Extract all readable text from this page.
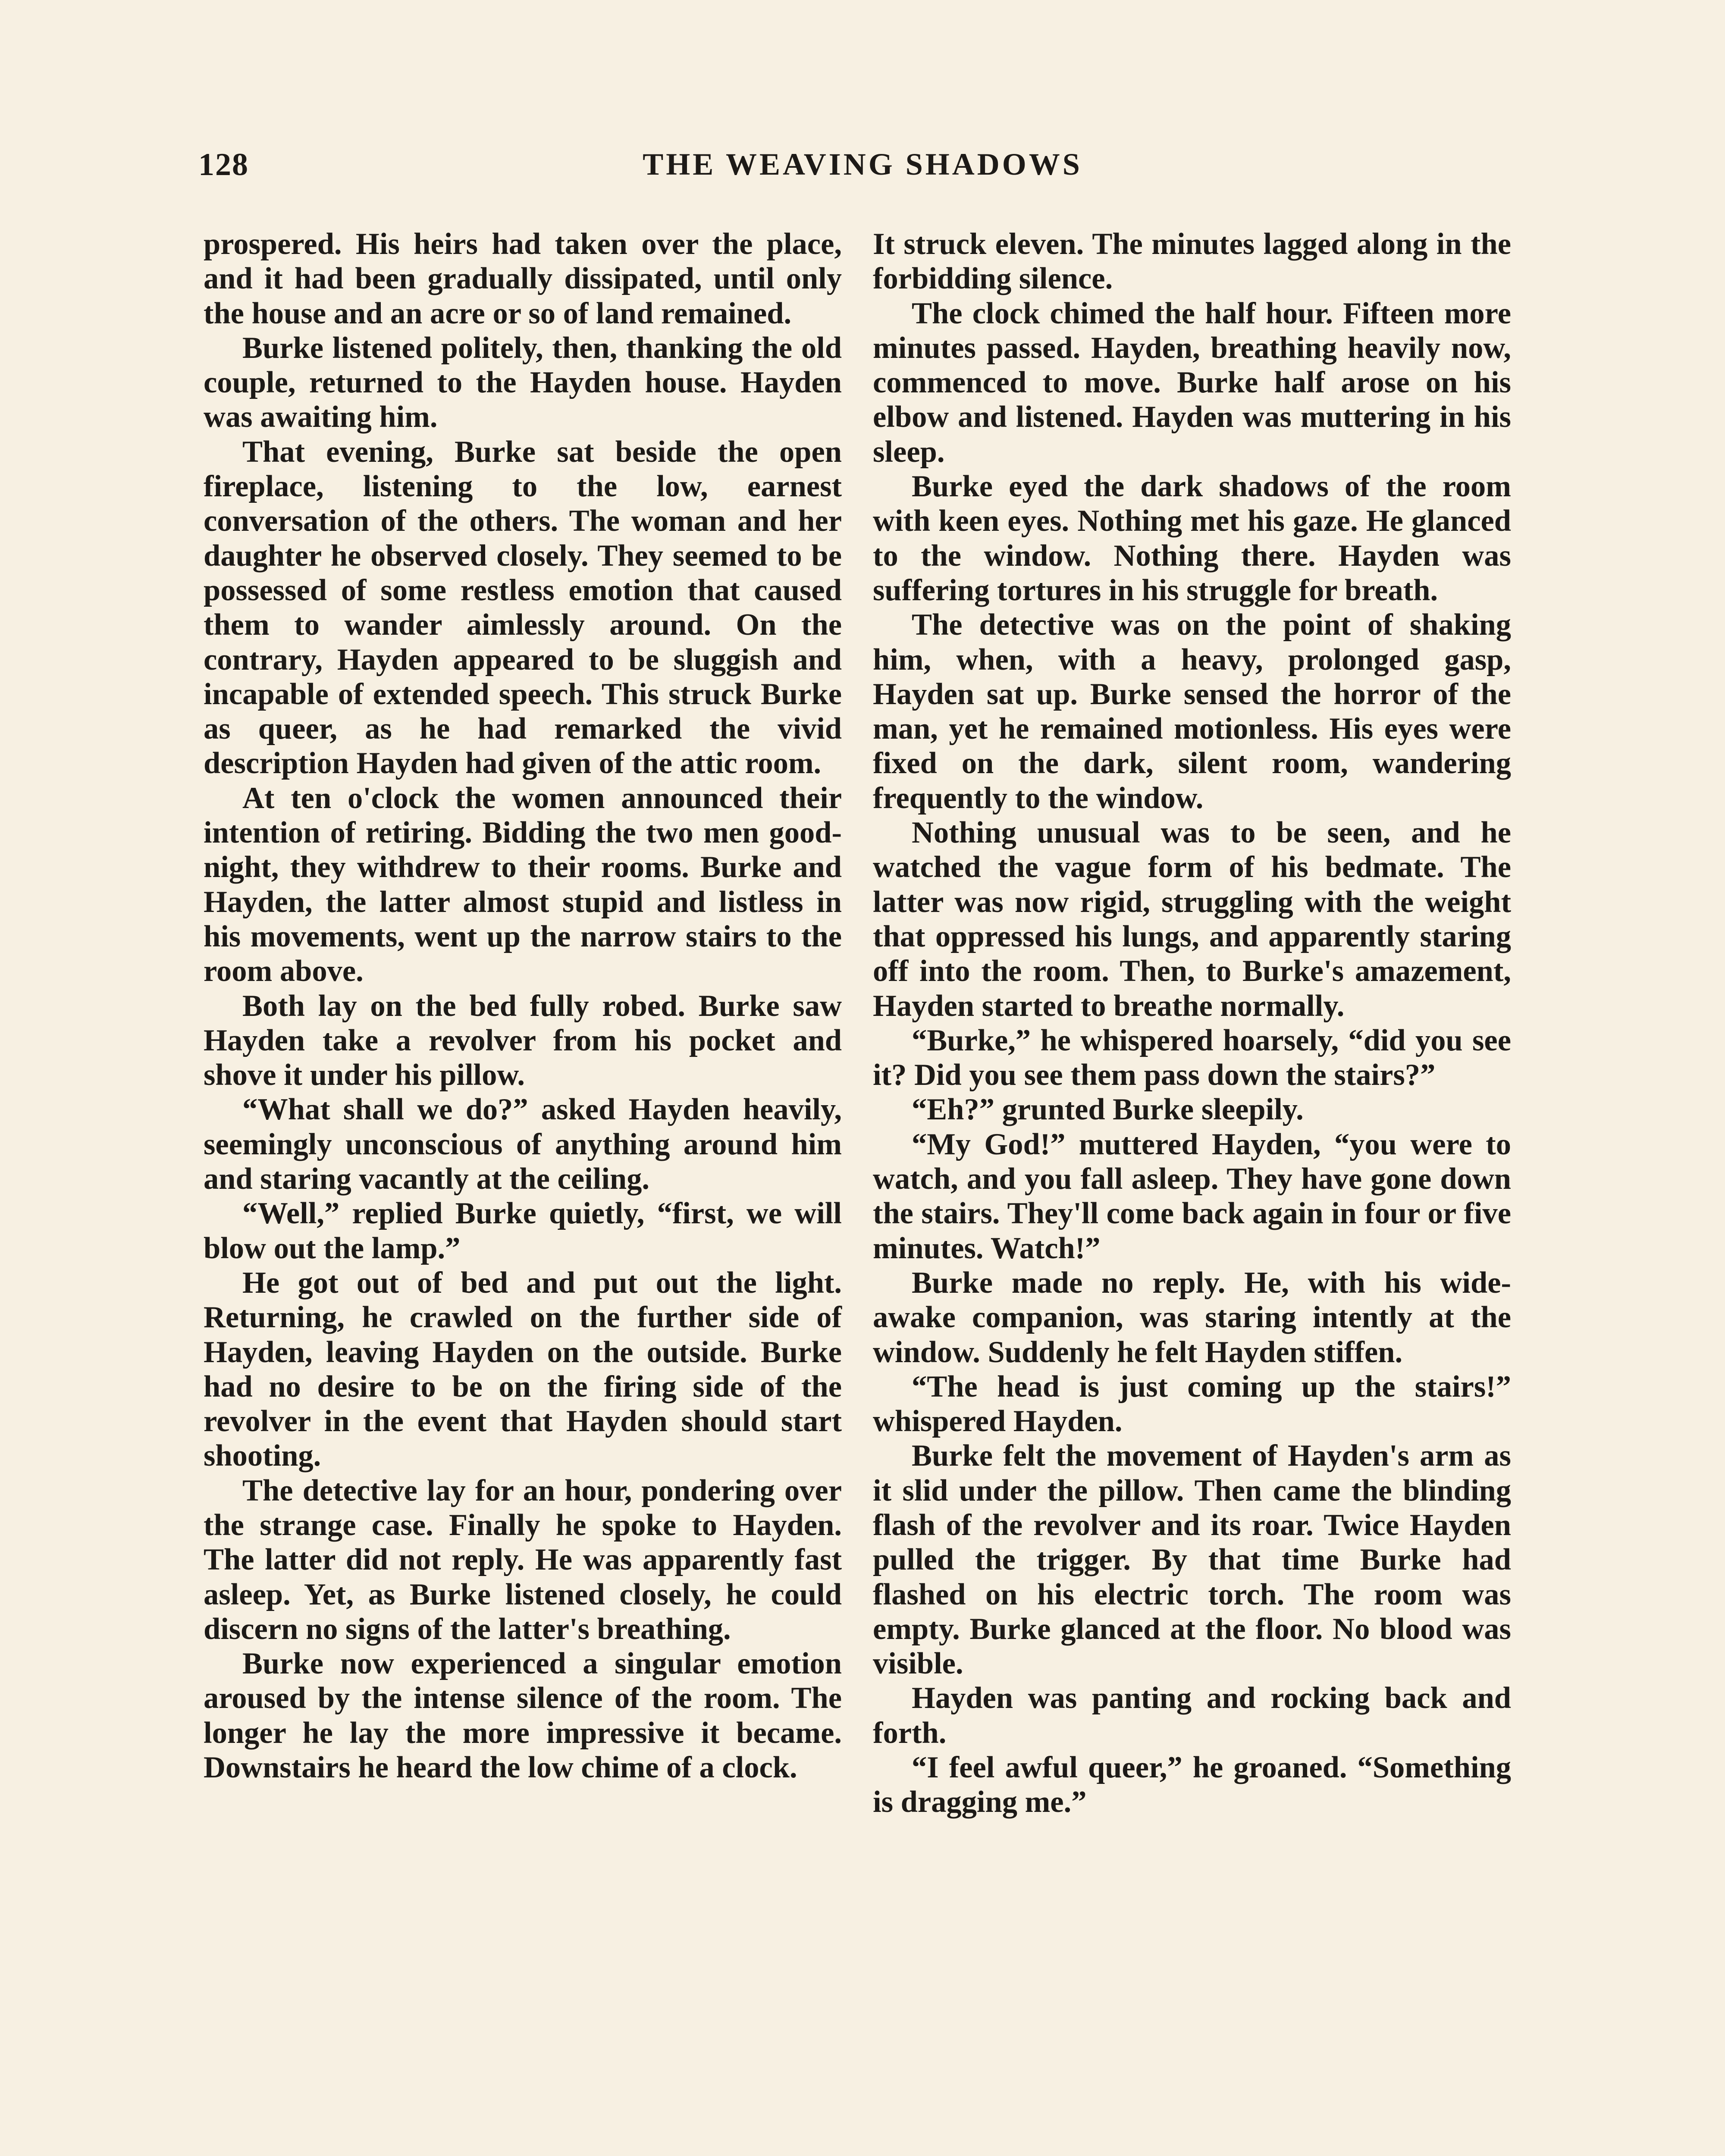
128	THE WEAVING SHADOWS

prospered. His heirs had taken over the place, and it had been gradually dissipated, until only the house and an acre or so of land remained.

Burke listened politely, then, thanking the old couple, returned to the Hayden house. Hayden was awaiting him.

That evening, Burke sat beside the open fireplace, listening to the low, earnest conversation of the others. The woman and her daughter he observed closely. They seemed to be possessed of some restless emotion that caused them to wander aimlessly around. On the contrary, Hayden appeared to be sluggish and incapable of extended speech. This struck Burke as queer, as he had remarked the vivid description Hayden had given of the attic room.

At ten o'clock the women announced their intention of retiring. Bidding the two men good-night, they withdrew to their rooms. Burke and Hayden, the latter almost stupid and listless in his movements, went up the narrow stairs to the room above.

Both lay on the bed fully robed. Burke saw Hayden take a revolver from his pocket and shove it under his pillow.

“What shall we do?” asked Hayden heavily, seemingly unconscious of anything around him and staring vacantly at the ceiling.

“Well,” replied Burke quietly, “first, we will blow out the lamp.”

He got out of bed and put out the light. Returning, he crawled on the further side of Hayden, leaving Hayden on the outside. Burke had no desire to be on the firing side of the revolver in the event that Hayden should start shooting.

The detective lay for an hour, pondering over the strange case. Finally he spoke to Hayden. The latter did not reply. He was apparently fast asleep. Yet, as Burke listened closely, he could discern no signs of the latter's breathing.

Burke now experienced a singular emotion aroused by the intense silence of the room. The longer he lay the more impressive it became. Downstairs he heard the low chime of a clock.

It struck eleven. The minutes lagged along in the forbidding silence.

The clock chimed the half hour. Fifteen more minutes passed. Hayden, breathing heavily now, commenced to move. Burke half arose on his elbow and listened. Hayden was muttering in his sleep.

Burke eyed the dark shadows of the room with keen eyes. Nothing met his gaze. He glanced to the window. Nothing there. Hayden was suffering tortures in his struggle for breath.

The detective was on the point of shaking him, when, with a heavy, prolonged gasp, Hayden sat up. Burke sensed the horror of the man, yet he remained motionless. His eyes were fixed on the dark, silent room, wandering frequently to the window.

Nothing unusual was to be seen, and he watched the vague form of his bedmate. The latter was now rigid, struggling with the weight that oppressed his lungs, and apparently staring off into the room. Then, to Burke's amazement, Hayden started to breathe normally.

“Burke,” he whispered hoarsely, “did you see it? Did you see them pass down the stairs?”

“Eh?” grunted Burke sleepily.

“My God!” muttered Hayden, “you were to watch, and you fall asleep. They have gone down the stairs. They'll come back again in four or five minutes. Watch!”

Burke made no reply. He, with his wide-awake companion, was staring intently at the window. Suddenly he felt Hayden stiffen.

“The head is just coming up the stairs!” whispered Hayden.

Burke felt the movement of Hayden's arm as it slid under the pillow. Then came the blinding flash of the revolver and its roar. Twice Hayden pulled the trigger. By that time Burke had flashed on his electric torch. The room was empty. Burke glanced at the floor. No blood was visible.

Hayden was panting and rocking back and forth.

“I feel awful queer,” he groaned. “Something is dragging me.”
